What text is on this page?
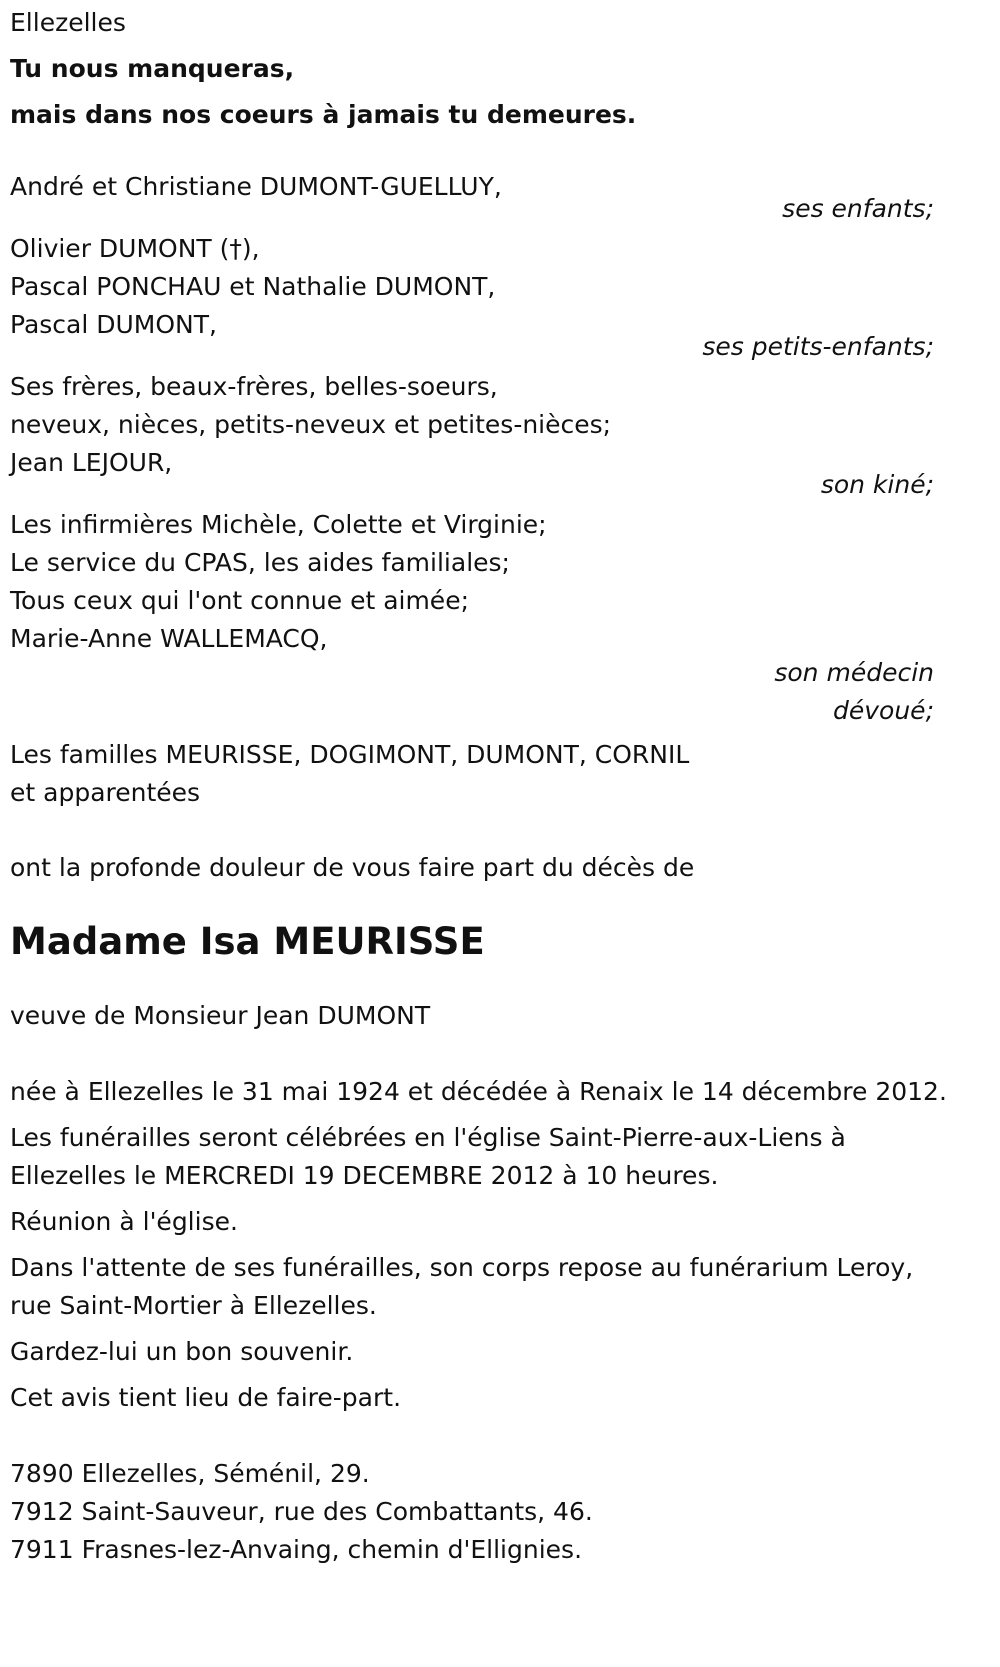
Ellezelles
Tu nous manqueras,
mais dans nos coeurs à jamais tu demeures.
André et Christiane DUMONT-GUELLUY,
ses enfants;
Olivier DUMONT (†),
Pascal PONCHAU et Nathalie DUMONT,
Pascal DUMONT,
ses petits-enfants;
Ses frères, beaux-frères, belles-soeurs,
neveux, nièces, petits-neveux et petites-nièces;
Jean LEJOUR,
son kiné;
Les infirmières Michèle, Colette et Virginie;
Le service du CPAS, les aides familiales;
Tous ceux qui l'ont connue et aimée;
Marie-Anne WALLEMACQ,
son médecin
dévoué;
Les familles MEURISSE, DOGIMONT, DUMONT, CORNIL
et apparentées
ont la profonde douleur de vous faire part du décès de
Madame Isa MEURISSE
veuve de Monsieur Jean DUMONT
née à Ellezelles le 31 mai 1924 et décédée à Renaix le 14 décembre 2012.
Les funérailles seront célébrées en l'église Saint-Pierre-aux-Liens à
Ellezelles le MERCREDI 19 DECEMBRE 2012 à 10 heures.
Réunion à l'église.
Dans l'attente de ses funérailles, son corps repose au funérarium Leroy,
rue Saint-Mortier à Ellezelles.
Gardez-lui un bon souvenir.
Cet avis tient lieu de faire-part.
7890 Ellezelles, Séménil, 29.
7912 Saint-Sauveur, rue des Combattants, 46.
7911 Frasnes-lez-Anvaing, chemin d'Ellignies.
